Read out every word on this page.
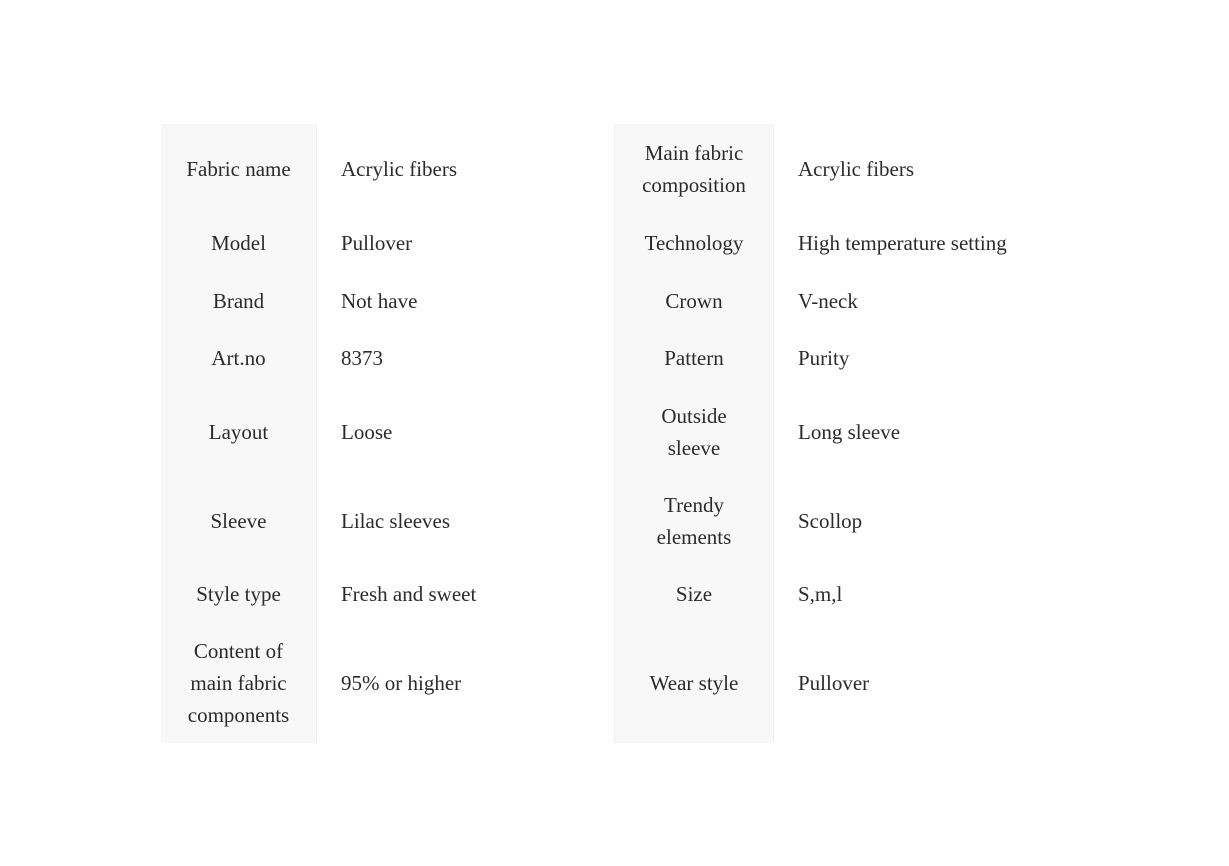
Fabric name	Acrylic fibers	Main fabric composition	Acrylic fibers
Model	Pullover	Technology	High temperature setting
Brand	Not have	Crown	V-neck
Art.no	8373	Pattern	Purity
Layout	Loose	Outside sleeve	Long sleeve
Sleeve	Lilac sleeves	Trendy elements	Scollop
Style type	Fresh and sweet	Size	S,m,l
Content of main fabric components	95% or higher	Wear style	Pullover
